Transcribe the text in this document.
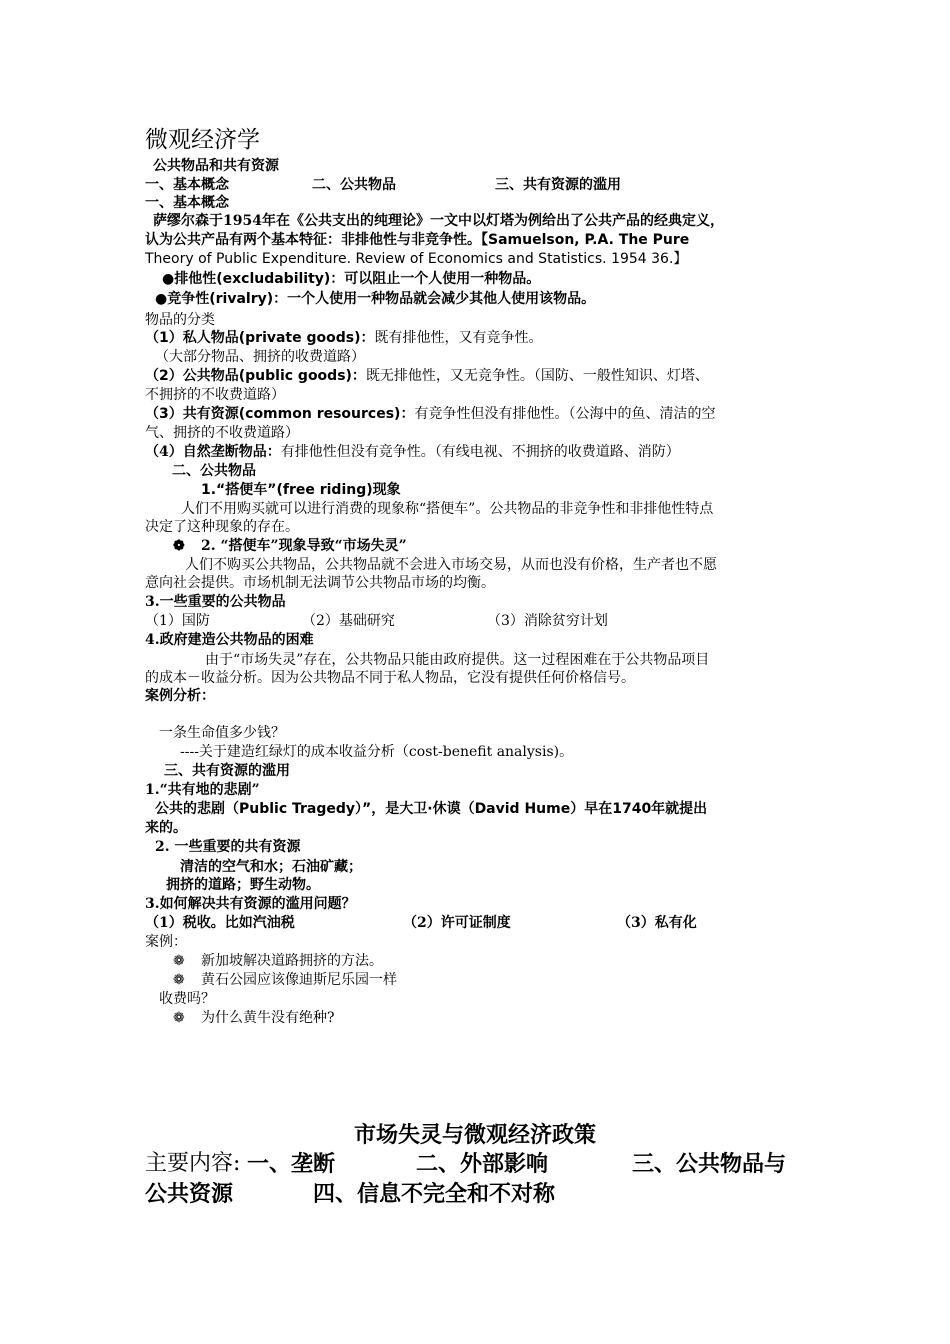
微观经济学
公共物品和共有资源
一、基本概念	二、公共物品	三、共有资源的滥用
一、基本概念
萨缪尔森于1954年在《公共支出的纯理论》一文中以灯塔为例给出了公共产品的经典定义，
认为公共产品有两个基本特征：非排他性与非竞争性。【Samuelson, P.A. The Pure
Theory of Public Expenditure. Review of Economics and Statistics. 1954 36.】
●排他性(excludability)：可以阻止一个人使用一种物品。
●竞争性(rivalry)：一个人使用一种物品就会减少其他人使用该物品。
物品的分类
（1）私人物品(private goods)：既有排他性，又有竞争性。
（大部分物品、拥挤的收费道路）
（2）公共物品(public goods)：既无排他性，又无竞争性。（国防、一般性知识、灯塔、
不拥挤的不收费道路）
（3）共有资源(common resources)：有竞争性但没有排他性。（公海中的鱼、清洁的空
气、拥挤的不收费道路）
（4）自然垄断物品：有排他性但没有竞争性。（有线电视、不拥挤的收费道路、消防）
二、公共物品
1.“搭便车”(free riding)现象
人们不用购买就可以进行消费的现象称“搭便车”。公共物品的非竞争性和非排他性特点
决定了这种现象的存在。
❁ 2. “搭便车”现象导致“市场失灵”
人们不购买公共物品，公共物品就不会进入市场交易，从而也没有价格，生产者也不愿
意向社会提供。市场机制无法调节公共物品市场的均衡。
3.一些重要的公共物品
（1）国防	（2）基础研究	（3）消除贫穷计划
4.政府建造公共物品的困难
由于“市场失灵”存在，公共物品只能由政府提供。这一过程困难在于公共物品项目
的成本－收益分析。因为公共物品不同于私人物品，它没有提供任何价格信号。
案例分析：
一条生命值多少钱？
----关于建造红绿灯的成本收益分析（cost-benefit analysis)。
三、共有资源的滥用
1.“共有地的悲剧”
公共的悲剧（Public Tragedy）”，是大卫·休谟（David Hume）早在1740年就提出
来的。
2. 一些重要的共有资源
清洁的空气和水；石油矿藏；
拥挤的道路；野生动物。
3.如何解决共有资源的滥用问题？
（1）税收。比如汽油税	（2）许可证制度	（3）私有化
案例：
❁ 新加坡解决道路拥挤的方法。
❁ 黄石公园应该像迪斯尼乐园一样
收费吗？
❁ 为什么黄牛没有绝种?
市场失灵与微观经济政策
主要内容: 一、垄断	二、外部影响	三、公共物品与
公共资源	四、信息不完全和不对称
